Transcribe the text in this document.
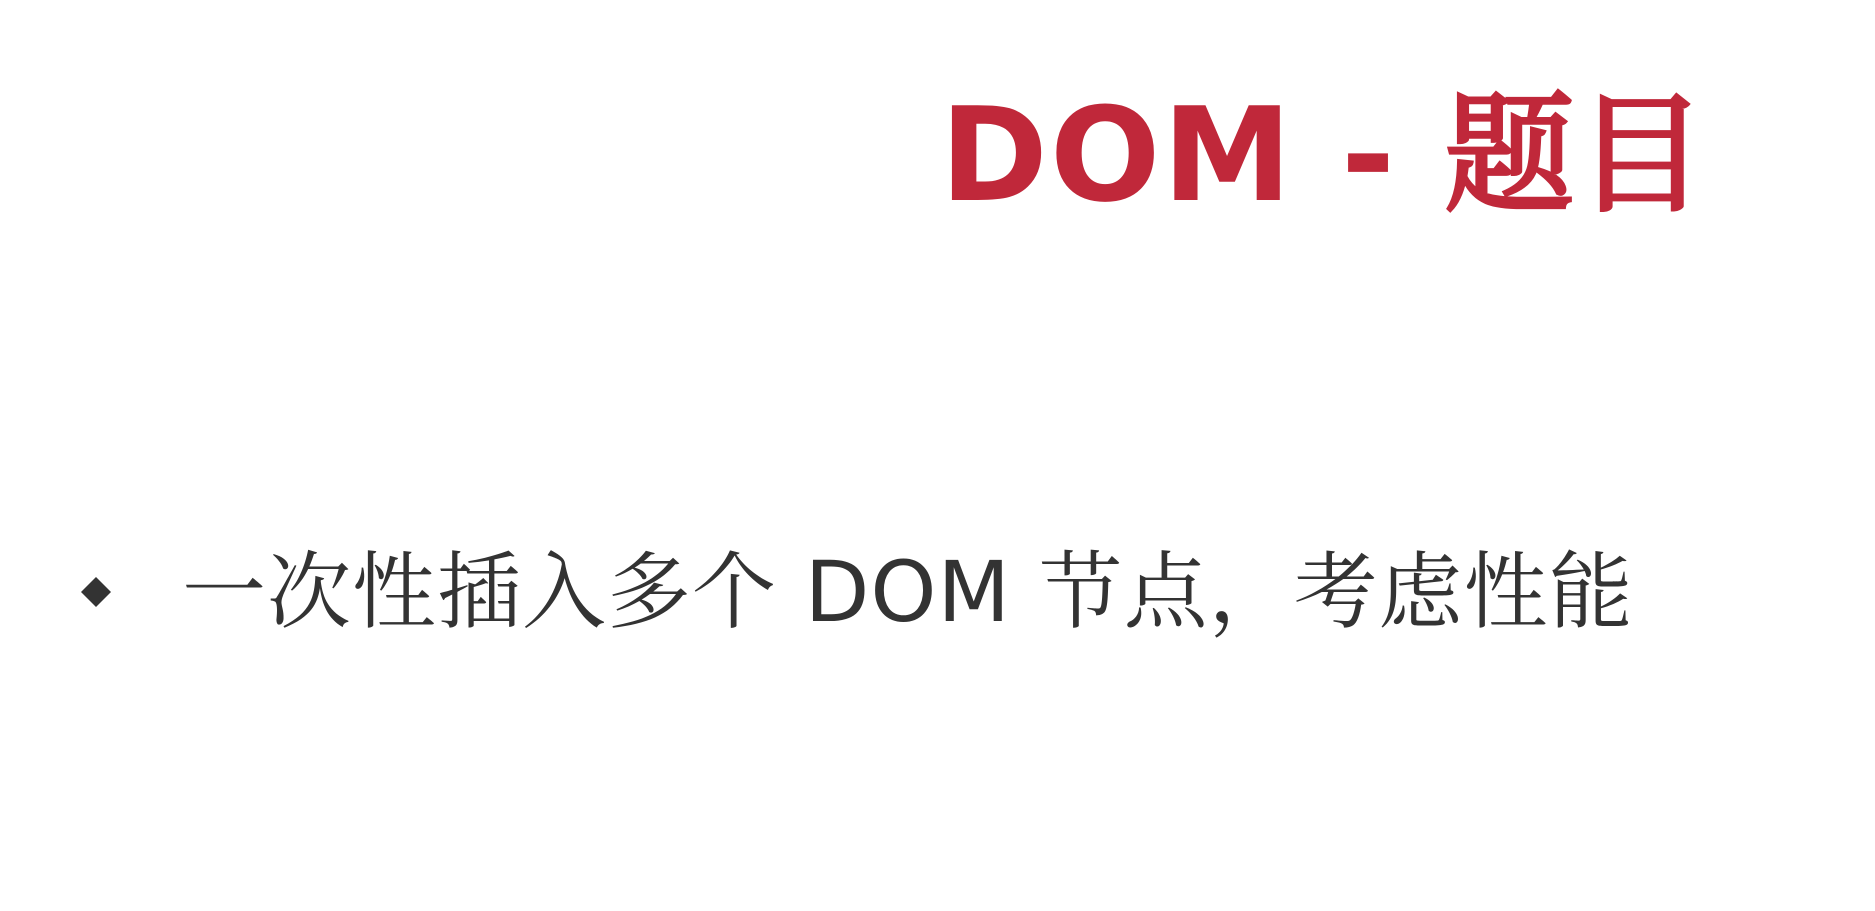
DOM - 题目
一次性插入多个 DOM 节点，考虑性能
